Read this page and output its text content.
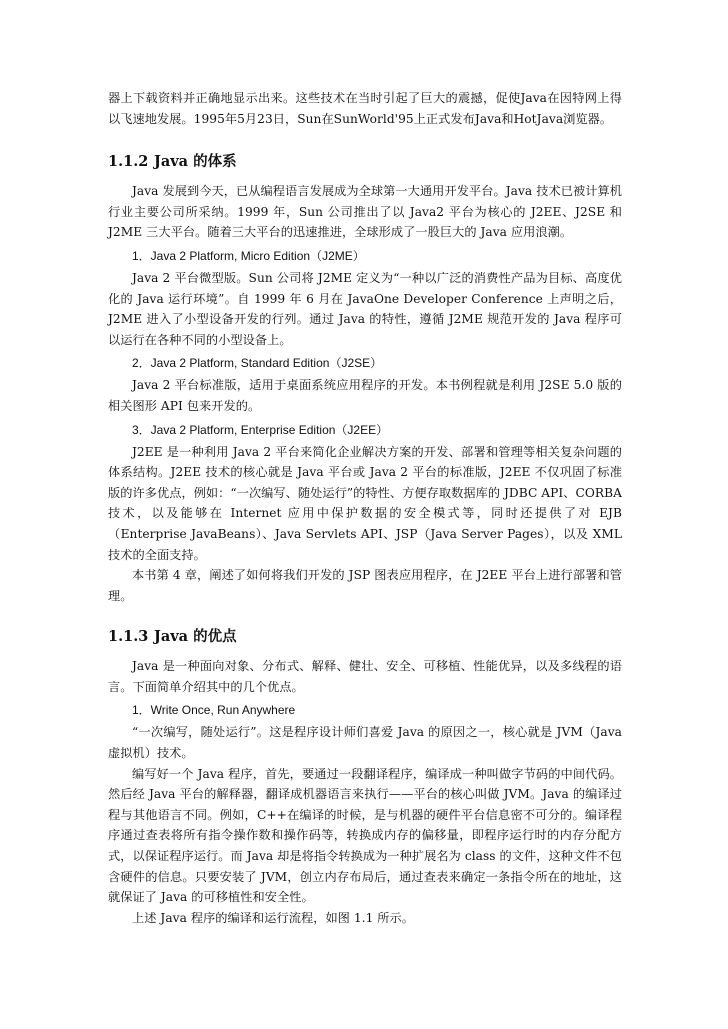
器上下载资料并正确地显示出来。这些技术在当时引起了巨大的震撼，促使Java在因特网上得以飞速地发展。1995年5月23日，Sun在SunWorld'95上正式发布Java和HotJava浏览器。

1.1.2 Java 的体系

Java 发展到今天，已从编程语言发展成为全球第一大通用开发平台。Java 技术已被计算机行业主要公司所采纳。1999 年，Sun 公司推出了以 Java2 平台为核心的 J2EE、J2SE 和 J2ME 三大平台。随着三大平台的迅速推进，全球形成了一股巨大的 Java 应用浪潮。

1．Java 2 Platform, Micro Edition（J2ME）

Java 2 平台微型版。Sun 公司将 J2ME 定义为“一种以广泛的消费性产品为目标、高度优化的 Java 运行环境”。自 1999 年 6 月在 JavaOne Developer Conference 上声明之后，J2ME 进入了小型设备开发的行列。通过 Java 的特性，遵循 J2ME 规范开发的 Java 程序可以运行在各种不同的小型设备上。

2．Java 2 Platform, Standard Edition（J2SE）

Java 2 平台标准版，适用于桌面系统应用程序的开发。本书例程就是利用 J2SE 5.0 版的相关图形 API 包来开发的。

3．Java 2 Platform, Enterprise Edition（J2EE）

J2EE 是一种利用 Java 2 平台来简化企业解决方案的开发、部署和管理等相关复杂问题的体系结构。J2EE 技术的核心就是 Java 平台或 Java 2 平台的标准版，J2EE 不仅巩固了标准版的许多优点，例如：“一次编写、随处运行”的特性、方便存取数据库的 JDBC API、CORBA 技术，以及能够在 Internet 应用中保护数据的安全模式等，同时还提供了对 EJB（Enterprise JavaBeans）、Java Servlets API、JSP（Java Server Pages），以及 XML 技术的全面支持。

本书第 4 章，阐述了如何将我们开发的 JSP 图表应用程序，在 J2EE 平台上进行部署和管理。

1.1.3 Java 的优点

Java 是一种面向对象、分布式、解释、健壮、安全、可移植、性能优异，以及多线程的语言。下面简单介绍其中的几个优点。

1．Write Once, Run Anywhere

“一次编写，随处运行”。这是程序设计师们喜爱 Java 的原因之一，核心就是 JVM（Java 虚拟机）技术。

编写好一个 Java 程序，首先，要通过一段翻译程序，编译成一种叫做字节码的中间代码。然后经 Java 平台的解释器，翻译成机器语言来执行——平台的核心叫做 JVM。Java 的编译过程与其他语言不同。例如，C++在编译的时候，是与机器的硬件平台信息密不可分的。编译程序通过查表将所有指令操作数和操作码等，转换成内存的偏移量，即程序运行时的内存分配方式，以保证程序运行。而 Java 却是将指令转换成为一种扩展名为 class 的文件，这种文件不包含硬件的信息。只要安装了 JVM，创立内存布局后，通过查表来确定一条指令所在的地址，这就保证了 Java 的可移植性和安全性。

上述 Java 程序的编译和运行流程，如图 1.1 所示。
